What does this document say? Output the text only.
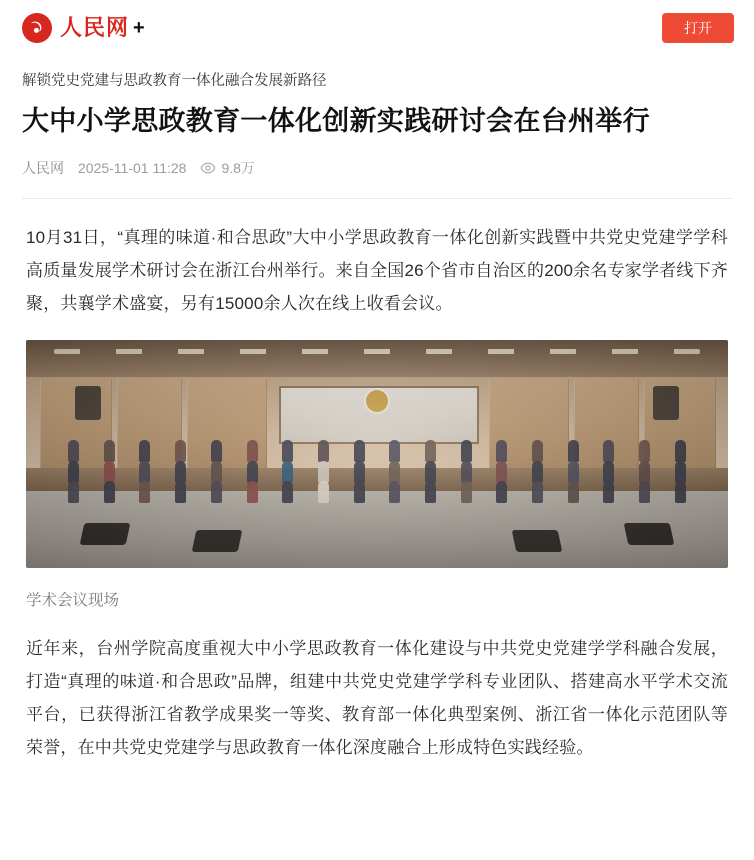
人民网 +	打开
解锁党史党建与思政教育一体化融合发展新路径
大中小学思政教育一体化创新实践研讨会在台州举行
人民网 2025-11-01 11:28	9.8万

10月31日，“真理的味道·和合思政”大中小学思政教育一体化创新实践暨中共党史党建学学科高质量发展学术研讨会在浙江台州举行。来自全国26个省市自治区的200余名专家学者线下齐聚，共襄学术盛宴，另有15000余人次在线上收看会议。

学术会议现场

近年来，台州学院高度重视大中小学思政教育一体化建设与中共党史党建学学科融合发展，打造“真理的味道·和合思政”品牌，组建中共党史党建学学科专业团队、搭建高水平学术交流平台，已获得浙江省教学成果奖一等奖、教育部一体化典型案例、浙江省一体化示范团队等荣誉，在中共党史党建学与思政教育一体化深度融合上形成特色实践经验。
